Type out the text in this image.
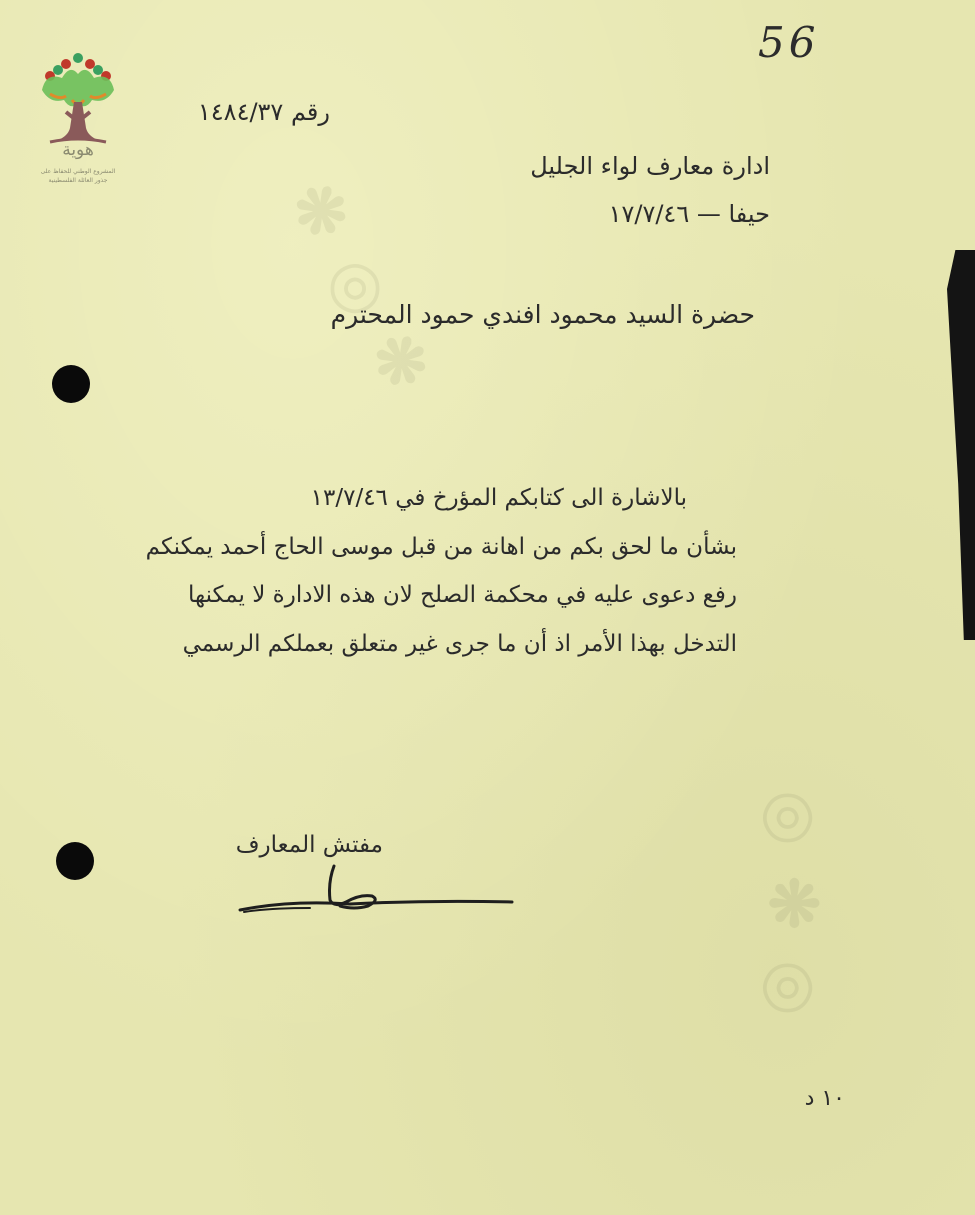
❋ ◎ ❋
◎ ❋ ◎
هوية
المشروع الوطني للحفاظ على
جذور العائلة الفلسطينية
56
رقم ١٤٨٤/٣٧
ادارة معارف لواء الجليل
حيفا — ١٧/٧/٤٦
حضرة السيد محمود افندي حمود المحترم
بالاشارة الى كتابكم المؤرخ في ١٣/٧/٤٦
بشأن ما لحق بكم من اهانة من قبل موسى الحاج أحمد يمكنكم
رفع دعوى عليه في محكمة الصلح لان هذه الادارة لا يمكنها
التدخل بهذا الأمر اذ أن ما جرى غير متعلق بعملكم الرسمي
مفتش المعارف
١٠ د
